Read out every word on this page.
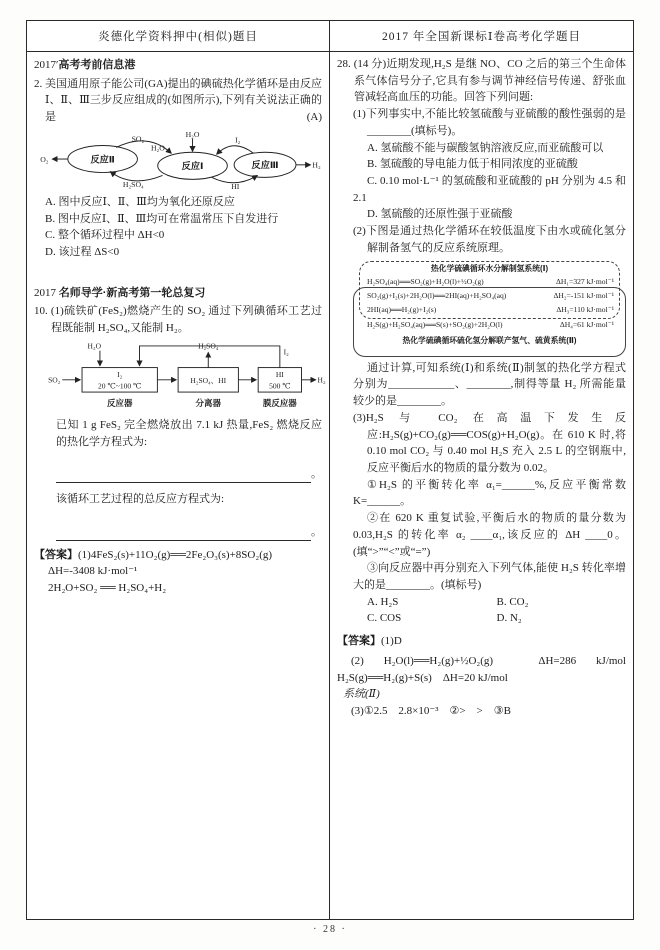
炎德化学资料押中(相似)题目	2017 年全国新课标Ⅰ卷高考化学题目

2017′高考考前信息港

2. 美国通用原子能公司(GA)提出的碘硫热化学循环是由反应Ⅰ、Ⅱ、Ⅲ三步反应组成的(如图所示),下列有关说法正确的是	(A)

H₂O
O₂
H₂
反应Ⅱ
反应Ⅰ	反应Ⅲ
SO₂
H₂O
H₂SO₄
I₂
HI

A. 图中反应Ⅰ、Ⅱ、Ⅲ均为氧化还原反应

B. 图中反应Ⅰ、Ⅱ、Ⅲ均可在常温常压下自发进行

C. 整个循环过程中 ΔH<0

D. 该过程 ΔS<0

2017 名师导学·新高考第一轮总复习

10. (1)硫铁矿(FeS₂)燃烧产生的 SO₂ 通过下列碘循环工艺过程既能制 H₂SO₄,又能制 H₂。

SO₂
I₂
20 ℃~100 ℃
H₂SO₄、HI
HI
500 ℃
H₂
H₂O	H₂SO₄
I₂
反应器	分离器	膜反应器

已知 1 g FeS₂ 完全燃烧放出 7.1 kJ 热量,FeS₂ 燃烧反应的热化学方程式为:

。

该循环工艺过程的总反应方程式为:

。

【答案】(1)4FeS₂(s)+11O₂(g)══2Fe₂O₃(s)+8SO₂(g)

ΔH=-3408 kJ·mol⁻¹

2H₂O+SO₂ ══ H₂SO₄+H₂

28. (14 分)近期发现,H₂S 是继 NO、CO 之后的第三个生命体系气体信号分子,它具有参与调节神经信号传递、舒张血管减轻高血压的功能。回答下列问题:

(1)下列事实中,不能比较氢硫酸与亚硫酸的酸性强弱的是________(填标号)。

A. 氢硫酸不能与碳酸氢钠溶液反应,而亚硫酸可以

B. 氢硫酸的导电能力低于相同浓度的亚硫酸

C. 0.10 mol·L⁻¹ 的氢硫酸和亚硫酸的 pH 分别为 4.5 和 2.1

D. 氢硫酸的还原性强于亚硫酸

(2)下图是通过热化学循环在较低温度下由水或硫化氢分解制备氢气的反应系统原理。

热化学硫碘循环水分解制氢系统(Ⅰ)
H₂SO₄(aq)══SO₂(g)+H₂O(l)+½O₂(g)	ΔH₁=327 kJ·mol⁻¹
SO₂(g)+I₂(s)+2H₂O(l)══2HI(aq)+H₂SO₄(aq)	ΔH₂=-151 kJ·mol⁻¹
2HI(aq)══H₂(g)+I₂(s)	ΔH₃=110 kJ·mol⁻¹
H₂S(g)+H₂SO₄(aq)══S(s)+SO₂(g)+2H₂O(l)	ΔH₄=61 kJ·mol⁻¹
热化学硫碘循环硫化氢分解联产氢气、硫黄系统(Ⅱ)

通过计算,可知系统(Ⅰ)和系统(Ⅱ)制氢的热化学方程式分别为____________、________,制得等量 H₂ 所需能量较少的是________。

(3)H₂S 与 CO₂ 在高温下发生反应:H₂S(g)+CO₂(g)══COS(g)+H₂O(g)。在 610 K 时,将 0.10 mol CO₂ 与 0.40 mol H₂S 充入 2.5 L 的空钢瓶中,反应平衡后水的物质的量分数为 0.02。

①H₂S 的平衡转化率 α₁=______%,反应平衡常数 K=______。

②在 620 K 重复试验,平衡后水的物质的量分数为 0.03,H₂S 的转化率 α₂ ____α₁,该反应的 ΔH ____0。(填“>”“<”或“=”)

③向反应器中再分别充入下列气体,能使 H₂S 转化率增大的是________。(填标号)

A. H₂S	B. CO₂
C. COS	D. N₂

【答案】(1)D

(2) H₂O(l)══H₂(g)+½O₂(g)　ΔH=286 kJ/mol　H₂S(g)══H₂(g)+S(s)　ΔH=20 kJ/mol

系统(Ⅱ)

(3)①2.5　2.8×10⁻³　②>　>　③B

· 28 ·
